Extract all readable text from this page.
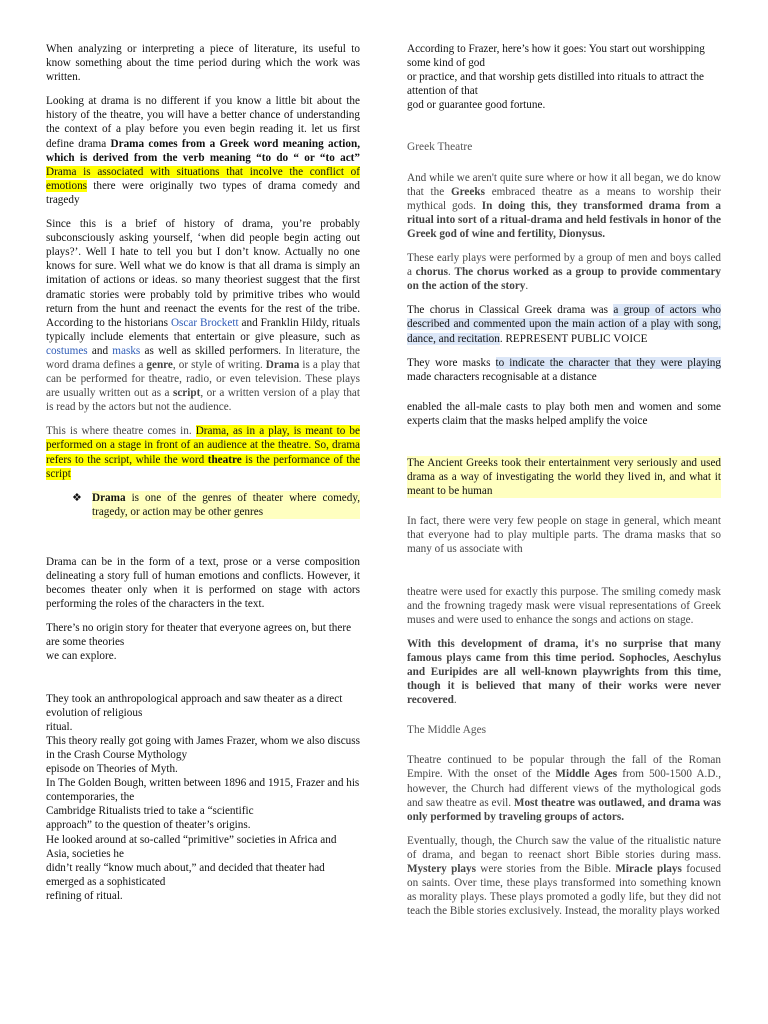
When analyzing or interpreting a piece of literature, its useful to know something about the time period during which the work was written.

Looking at drama is no different if you know a little bit about the history of the theatre, you will have a better chance of understanding the context of a play before you even begin reading it. let us first define drama Drama comes from a Greek word meaning action, which is derived from the verb meaning “to do “ or “to act” Drama is associated with situations that incolve the conflict of emotions there were originally two types of drama comedy and tragedy

Since this is a brief of history of drama, you’re probably subconsciously asking yourself, ‘when did people begin acting out plays?’. Well I hate to tell you but I don’t know. Actually no one knows for sure. Well what we do know is that all drama is simply an imitation of actions or ideas. so many theoriest suggest that the first dramatic stories were probably told by primitive tribes who would return from the hunt and reenact the events for the rest of the tribe. According to the historians Oscar Brockett and Franklin Hildy, rituals typically include elements that entertain or give pleasure, such as costumes and masks as well as skilled performers. In literature, the word drama defines a genre, or style of writing. Drama is a play that can be performed for theatre, radio, or even television. These plays are usually written out as a script, or a written version of a play that is read by the actors but not the audience.

This is where theatre comes in. Drama, as in a play, is meant to be performed on a stage in front of an audience at the theatre. So, drama refers to the script, while the word theatre is the performance of the script

❖ Drama is one of the genres of theater where comedy, tragedy, or action may be other genres

Drama can be in the form of a text, prose or a verse composition delineating a story full of human emotions and conflicts. However, it becomes theater only when it is performed on stage with actors performing the roles of the characters in the text.

There’s no origin story for theater that everyone agrees on, but there are some theories
we can explore.

They took an anthropological approach and saw theater as a direct evolution of religious
ritual.
This theory really got going with James Frazer, whom we also discuss in the Crash Course Mythology
episode on Theories of Myth.
In The Golden Bough, written between 1896 and 1915, Frazer and his contemporaries, the
Cambridge Ritualists tried to take a “scientific
approach” to the question of theater’s origins.
He looked around at so-called “primitive” societies in Africa and Asia, societies he
didn’t really “know much about,” and decided that theater had emerged as a sophisticated
refining of ritual.

According to Frazer, here’s how it goes: You start out worshipping some kind of god
or practice, and that worship gets distilled into rituals to attract the attention of that
god or guarantee good fortune.

Greek Theatre

And while we aren't quite sure where or how it all began, we do know that the Greeks embraced theatre as a means to worship their mythical gods. In doing this, they transformed drama from a ritual into sort of a ritual-drama and held festivals in honor of the Greek god of wine and fertility, Dionysus.

These early plays were performed by a group of men and boys called a chorus. The chorus worked as a group to provide commentary on the action of the story.

The chorus in Classical Greek drama was a group of actors who described and commented upon the main action of a play with song, dance, and recitation. REPRESENT PUBLIC VOICE

They wore masks to indicate the character that they were playing made characters recognisable at a distance

enabled the all-male casts to play both men and women and some experts claim that the masks helped amplify the voice

The Ancient Greeks took their entertainment very seriously and used drama as a way of investigating the world they lived in, and what it meant to be human

In fact, there were very few people on stage in general, which meant that everyone had to play multiple parts. The drama masks that so many of us associate with

theatre were used for exactly this purpose. The smiling comedy mask and the frowning tragedy mask were visual representations of Greek muses and were used to enhance the songs and actions on stage.

With this development of drama, it's no surprise that many famous plays came from this time period. Sophocles, Aeschylus and Euripides are all well-known playwrights from this time, though it is believed that many of their works were never recovered.

The Middle Ages

Theatre continued to be popular through the fall of the Roman Empire. With the onset of the Middle Ages from 500-1500 A.D., however, the Church had different views of the mythological gods and saw theatre as evil. Most theatre was outlawed, and drama was only performed by traveling groups of actors.

Eventually, though, the Church saw the value of the ritualistic nature of drama, and began to reenact short Bible stories during mass. Mystery plays were stories from the Bible. Miracle plays focused on saints. Over time, these plays transformed into something known as morality plays. These plays promoted a godly life, but they did not teach the Bible stories exclusively. Instead, the morality plays worked
